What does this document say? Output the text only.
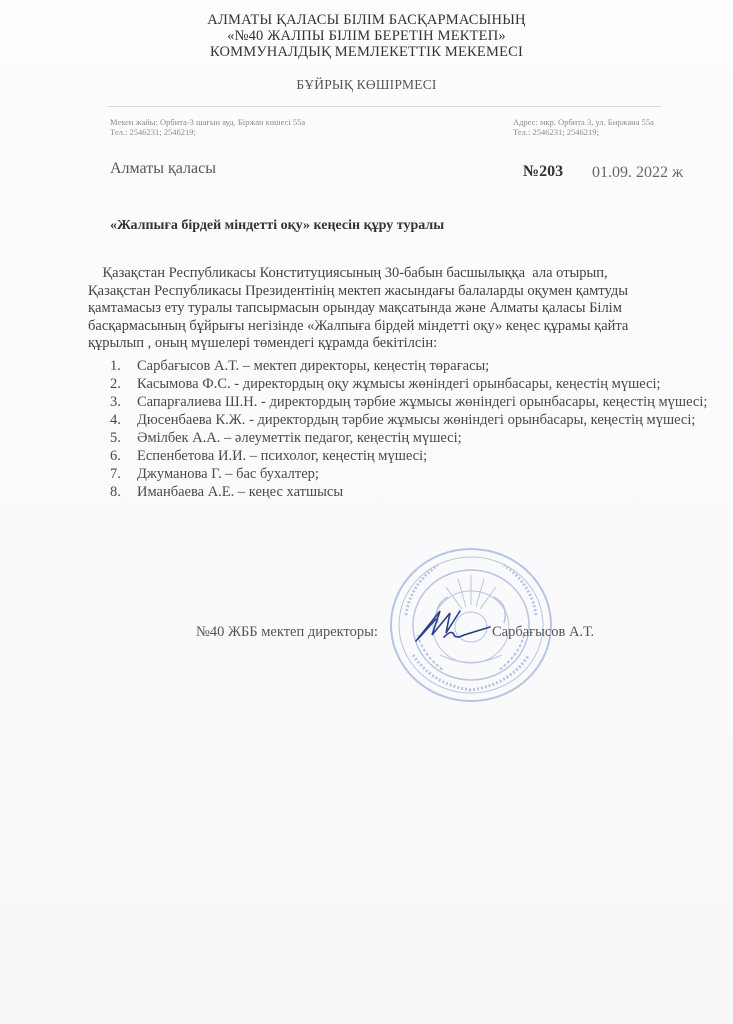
АЛМАТЫ ҚАЛАСЫ БІЛІМ БАСҚАРМАСЫНЫҢ
«№40 ЖАЛПЫ БІЛІМ БЕРЕТІН МЕКТЕП»
КОММУНАЛДЫҚ МЕМЛЕКЕТТІК МЕКЕМЕСІ
БҰЙРЫҚ КӨШІРМЕСІ
Мекен жайы: Орбита-3 шағын ауд. Біржан көшесі 55а
Тел.: 2546231; 2546219;
Адрес: мкр. Орбита 3, ул. Биржана 55а
Тел.: 2546231; 2546219;
Алматы қаласы	№203 01.09. 2022 ж
«Жалпыға бірдей міндетті оқу» кеңесін құру туралы

Қазақстан Республикасы Конституциясының 30-бабын басшылыққа  ала отырып,

Қазақстан Республикасы Президентінің мектеп жасындағы балаларды оқумен қамтуды

қамтамасыз ету туралы тапсырмасын орындау мақсатында және Алматы қаласы Білім

басқармасының бұйрығы негізінде «Жалпыға бірдей міндетті оқу» кеңес құрамы қайта

құрылып , оның мүшелері төмендегі құрамда бекітілсін:

1.	Сарбағысов А.Т. – мектеп директоры, кеңестің төрағасы;
2.	Касымова Ф.С. - директордың оқу жұмысы жөніндегі орынбасары, кеңестің мүшесі;
3.	Сапарғалиева Ш.Н. - директордың тәрбие жұмысы жөніндегі орынбасары, кеңестің мүшесі;
4.	Дюсенбаева К.Ж. - директордың тәрбие жұмысы жөніндегі орынбасары, кеңестің мүшесі;
5.	Әмілбек А.А. – әлеуметтік педагог, кеңестің мүшесі;
6.	Еспенбетова И.И. – психолог, кеңестің мүшесі;
7.	Джуманова Г. – бас бухалтер;
8.	Иманбаева А.Е. – кеңес хатшысы
№40 ЖББ мектеп директоры:	Сарбағысов А.Т.
